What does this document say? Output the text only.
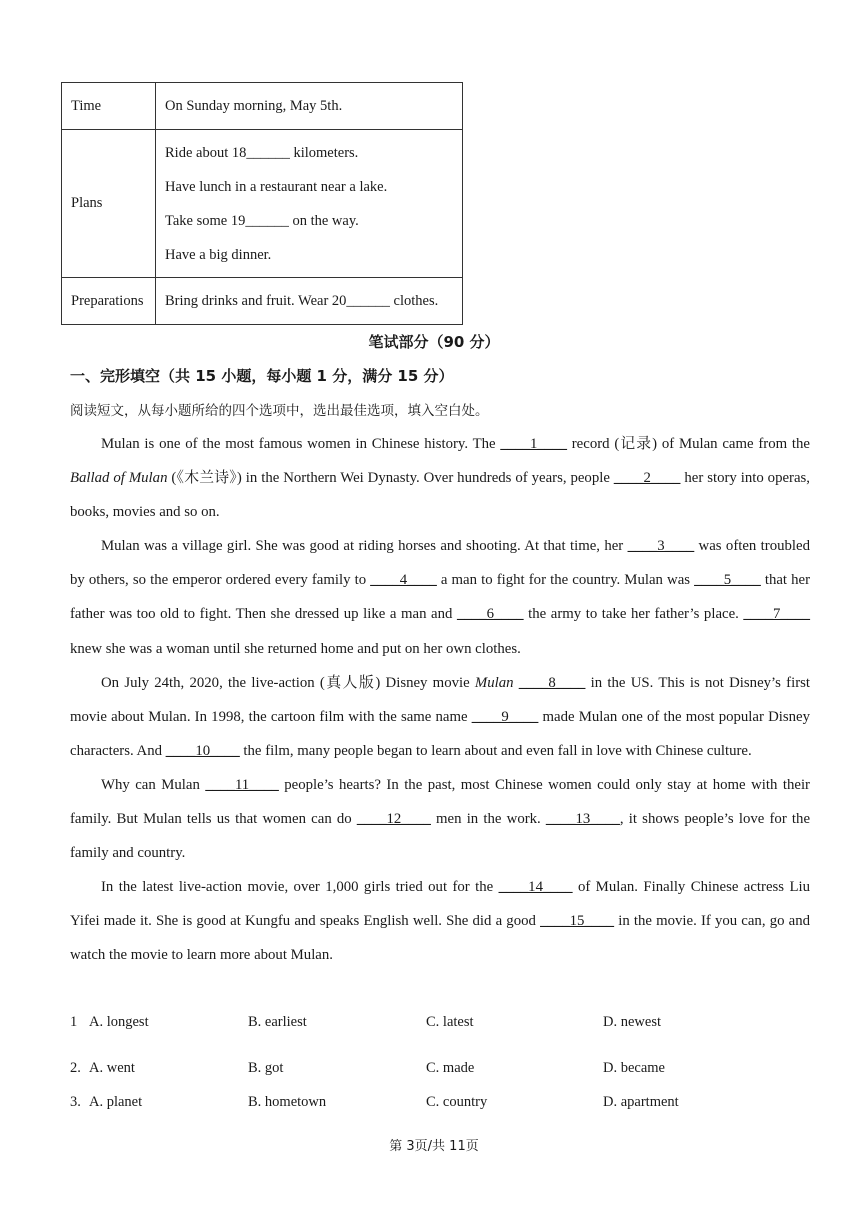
Time	On Sunday morning, May 5th.

Plans	Ride about 18______ kilometers.
Have lunch in a restaurant near a lake.
Take some 19______ on the way.
Have a big dinner.

Preparations	Bring drinks and fruit. Wear 20______ clothes.
笔试部分（90 分）
一、完形填空（共 15 小题，每小题 1 分，满分 15 分）
阅读短文，从每小题所给的四个选项中，选出最佳选项，填入空白处。

Mulan is one of the most famous women in Chinese history. The ____1____ record (记录) of Mulan came from the Ballad of Mulan (《木兰诗》) in the Northern Wei Dynasty. Over hundreds of years, people ____2____ her story into operas, books, movies and so on.

Mulan was a village girl. She was good at riding horses and shooting. At that time, her ____3____ was often troubled by others, so the emperor ordered every family to ____4____ a man to fight for the country. Mulan was ____5____ that her father was too old to fight. Then she dressed up like a man and ____6____ the army to take her father’s place. ____7____ knew she was a woman until she returned home and put on her own clothes.

On July 24th, 2020, the live-action (真人版) Disney movie Mulan ____8____ in the US. This is not Disney’s first movie about Mulan. In 1998, the cartoon film with the same name ____9____ made Mulan one of the most popular Disney characters. And ____10____ the film, many people began to learn about and even fall in love with Chinese culture.

Why can Mulan ____11____ people’s hearts? In the past, most Chinese women could only stay at home with their family. But Mulan tells us that women can do ____12____ men in the work. ____13____, it shows people’s love for the family and country.

In the latest live-action movie, over 1,000 girls tried out for the ____14____ of Mulan. Finally Chinese actress Liu Yifei made it. She is good at Kungfu and speaks English well. She did a good ____15____ in the movie. If you can, go and watch the movie to learn more about Mulan.

1 A. longest	B. earliest	C. latest	D. newest
2. A. went	B. got	C. made	D. became
3. A. planet	B. hometown	C. country	D. apartment
第 3页/共 11页
